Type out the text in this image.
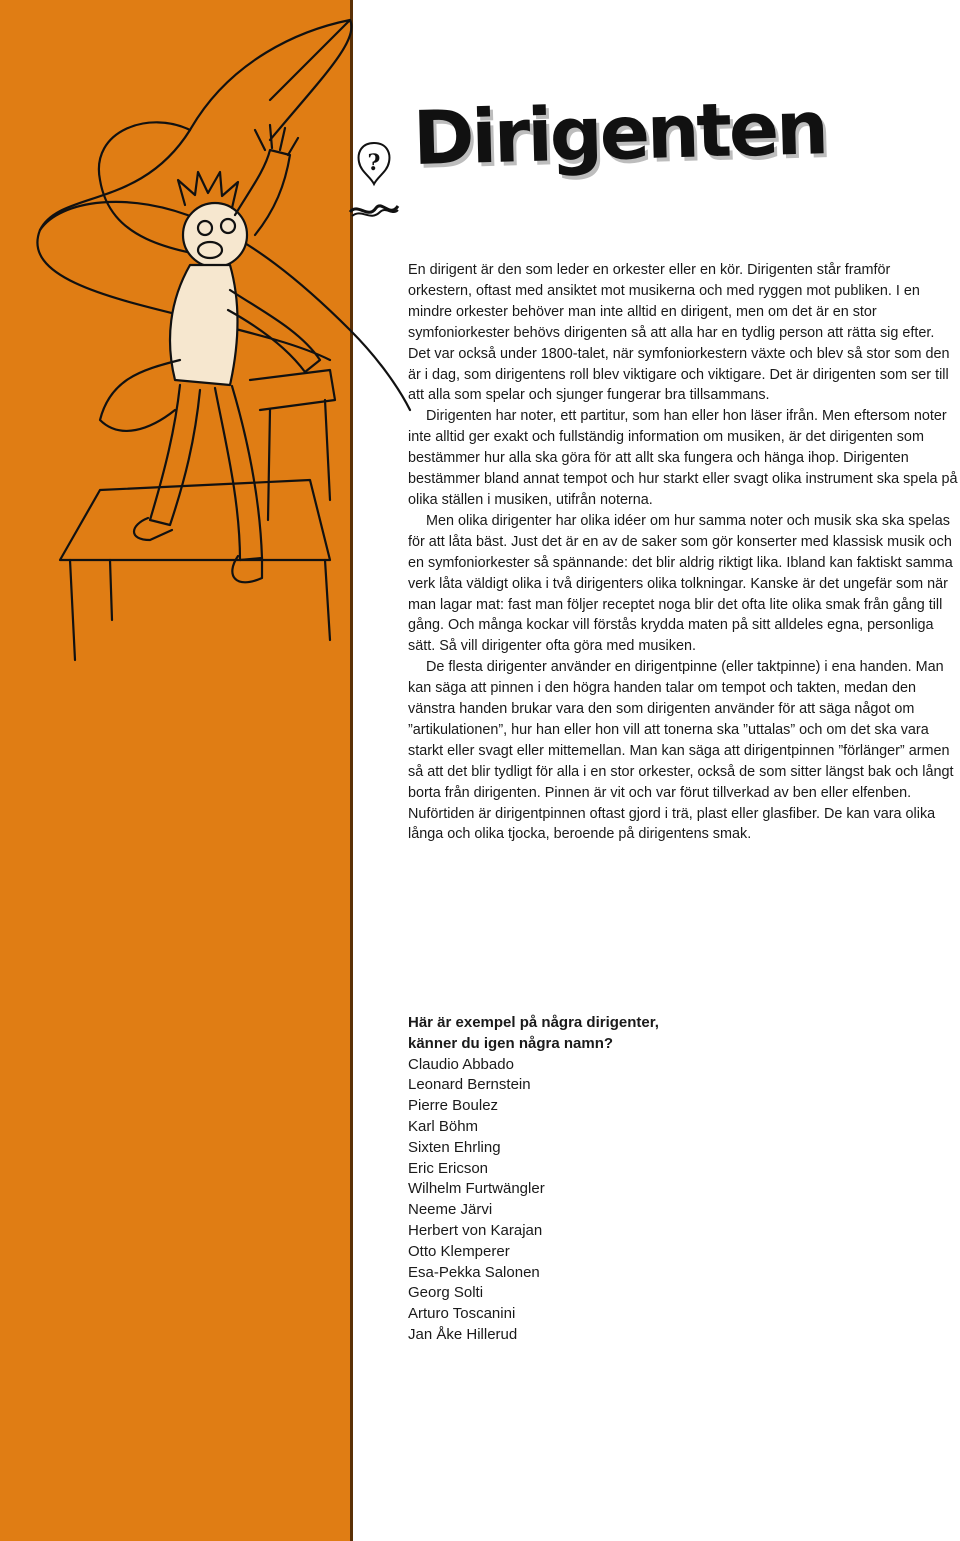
? Dirigenten

En dirigent är den som leder en orkester eller en kör. Dirigenten står framför orkestern, oftast med ansiktet mot musikerna och med ryggen mot publiken. I en mindre orkester behöver man inte alltid en dirigent, men om det är en stor symfoniorkester behövs dirigenten så att alla har en tydlig person att rätta sig efter. Det var också under 1800-talet, när symfoniorkestern växte och blev så stor som den är i dag, som dirigentens roll blev viktigare och viktigare. Det är dirigenten som ser till att alla som spelar och sjunger fungerar bra tillsammans.

Dirigenten har noter, ett partitur, som han eller hon läser ifrån. Men eftersom noter inte alltid ger exakt och fullständig information om musiken, är det dirigenten som bestämmer hur alla ska göra för att allt ska fungera och hänga ihop. Dirigenten bestämmer bland annat tempot och hur starkt eller svagt olika instrument ska spela på olika ställen i musiken, utifrån noterna.

Men olika dirigenter har olika idéer om hur samma noter och musik ska ska spelas för att låta bäst. Just det är en av de saker som gör konserter med klassisk musik och en symfoniorkester så spännande: det blir aldrig riktigt lika. Ibland kan faktiskt samma verk låta väldigt olika i två dirigenters olika tolkningar. Kanske är det ungefär som när man lagar mat: fast man följer receptet noga blir det ofta lite olika smak från gång till gång. Och många kockar vill förstås krydda maten på sitt alldeles egna, personliga sätt. Så vill dirigenter ofta göra med musiken.

De flesta dirigenter använder en dirigentpinne (eller taktpinne) i ena handen. Man kan säga att pinnen i den högra handen talar om tempot och takten, medan den vänstra handen brukar vara den som dirigenten använder för att säga något om ”artikulationen”, hur han eller hon vill att tonerna ska ”uttalas” och om det ska vara starkt eller svagt eller mittemellan. Man kan säga att dirigentpinnen ”förlänger” armen så att det blir tydligt för alla i en stor orkester, också de som sitter längst bak och långt borta från dirigenten. Pinnen är vit och var förut tillverkad av ben eller elfenben. Nuförtiden är dirigentpinnen oftast gjord i trä, plast eller glasfiber. De kan vara olika långa och olika tjocka, beroende på dirigentens smak.

Här är exempel på några dirigenter,

känner du igen några namn?

Claudio Abbado
Leonard Bernstein
Pierre Boulez
Karl Böhm
Sixten Ehrling
Eric Ericson
Wilhelm Furtwängler
Neeme Järvi
Herbert von Karajan
Otto Klemperer
Esa-Pekka Salonen
Georg Solti
Arturo Toscanini
Jan Åke Hillerud
